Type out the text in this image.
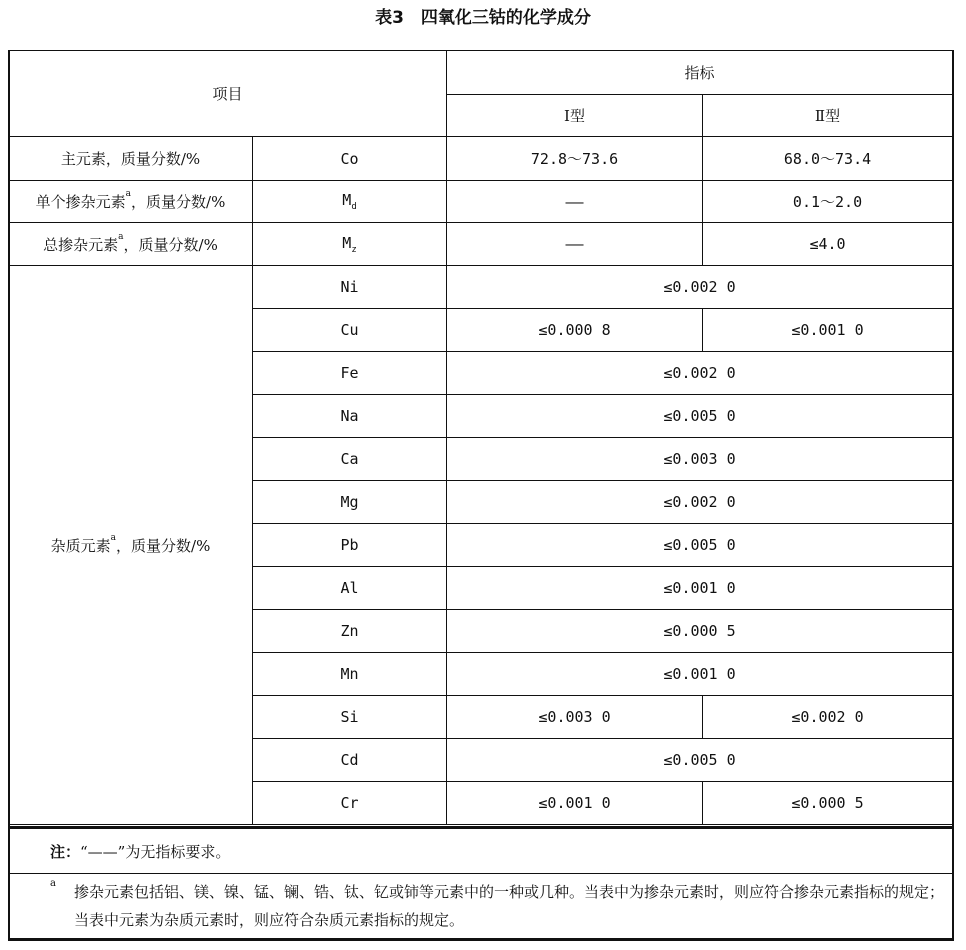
表3　四氧化三钴的化学成分
项目		指标	
		Ⅰ型	Ⅱ型
主元素，质量分数/%	Co	72.8～73.6	68.0～73.4
单个掺杂元素$^a$，质量分数/%	$M_d$	——	0.1～2.0
总掺杂元素$^a$，质量分数/%	$M_z$	——	≤4.0
杂质元素$^a$，质量分数/%	Ni	≤0.002 0	
	Cu	≤0.000 8	≤0.001 0
	Fe	≤0.002 0	
	Na	≤0.005 0	
	Ca	≤0.003 0	
	Mg	≤0.002 0	
	Pb	≤0.005 0	
	Al	≤0.001 0	
	Zn	≤0.000 5	
	Mn	≤0.001 0	
	Si	≤0.003 0	≤0.002 0
	Cd	≤0.005 0	
	Cr	≤0.001 0	≤0.000 5
注：“——”为无指标要求。
a 掺杂元素包括铝、镁、镍、锰、镧、锆、钛、钇或铈等元素中的一种或几种。当表中为掺杂元素时，则应符合掺杂元素指标的规定；当表中元素为杂质元素时，则应符合杂质元素指标的规定。
